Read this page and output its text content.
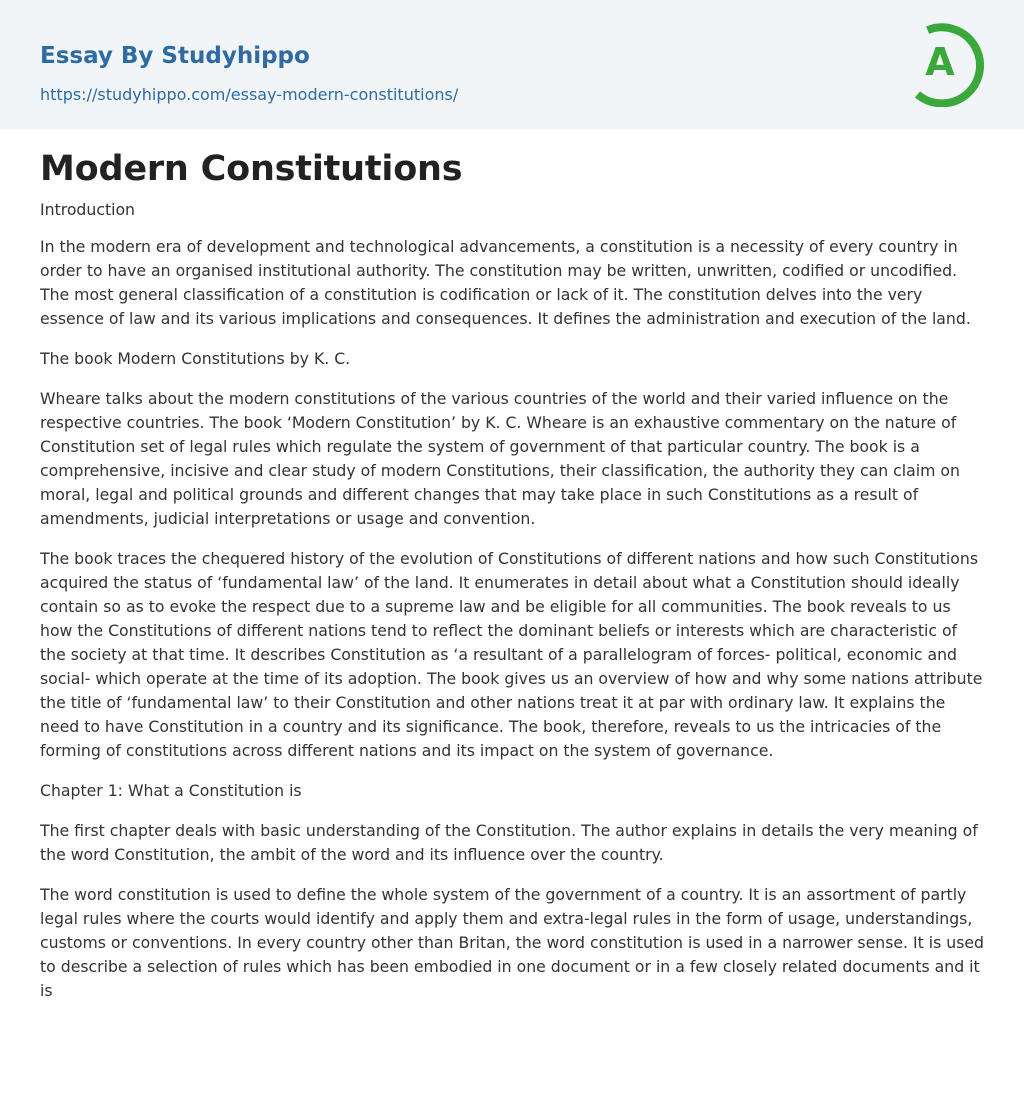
Essay By Studyhippo
https://studyhippo.com/essay-modern-constitutions/
A
Modern Constitutions

Introduction

In the modern era of development and technological advancements, a constitution is a necessity of every country in order to have an organised institutional authority. The constitution may be written, unwritten, codified or uncodified. The most general classification of a constitution is codification or lack of it. The constitution delves into the very essence of law and its various implications and consequences. It defines the administration and execution of the land.

The book Modern Constitutions by K. C.

Wheare talks about the modern constitutions of the various countries of the world and their varied influence on the respective countries. The book ‘Modern Constitution’ by K. C. Wheare is an exhaustive commentary on the nature of Constitution set of legal rules which regulate the system of government of that particular country. The book is a comprehensive, incisive and clear study of modern Constitutions, their classification, the authority they can claim on moral, legal and political grounds and different changes that may take place in such Constitutions as a result of amendments, judicial interpretations or usage and convention.

The book traces the chequered history of the evolution of Constitutions of different nations and how such Constitutions acquired the status of ‘fundamental law’ of the land. It enumerates in detail about what a Constitution should ideally contain so as to evoke the respect due to a supreme law and be eligible for all communities. The book reveals to us how the Constitutions of different nations tend to reflect the dominant beliefs or interests which are characteristic of the society at that time. It describes Constitution as ‘a resultant of a parallelogram of forces- political, economic and social- which operate at the time of its adoption. The book gives us an overview of how and why some nations attribute the title of ‘fundamental law’ to their Constitution and other nations treat it at par with ordinary law. It explains the need to have Constitution in a country and its significance. The book, therefore, reveals to us the intricacies of the forming of constitutions across different nations and its impact on the system of governance.

Chapter 1: What a Constitution is

The first chapter deals with basic understanding of the Constitution. The author explains in details the very meaning of the word Constitution, the ambit of the word and its influence over the country.

The word constitution is used to define the whole system of the government of a country. It is an assortment of partly legal rules where the courts would identify and apply them and extra-legal rules in the form of usage, understandings, customs or conventions. In every country other than Britan, the word constitution is used in a narrower sense. It is used to describe a selection of rules which has been embodied in one document or in a few closely related documents and it is
